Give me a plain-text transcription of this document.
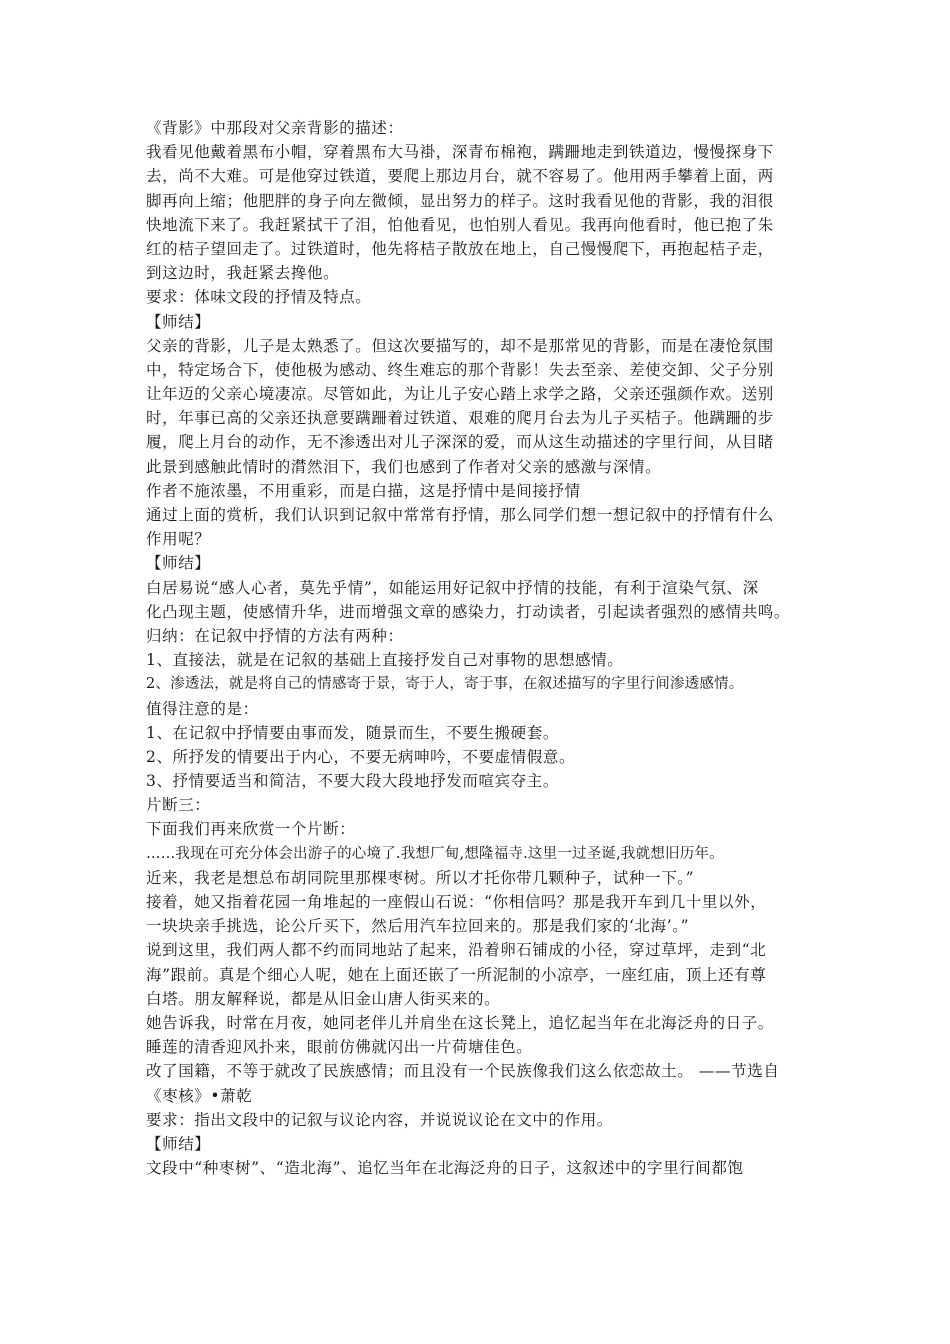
《背影》中那段对父亲背影的描述：

我看见他戴着黑布小帽，穿着黑布大马褂，深青布棉袍，蹒跚地走到铁道边，慢慢探身下

去，尚不大难。可是他穿过铁道，要爬上那边月台，就不容易了。他用两手攀着上面，两

脚再向上缩；他肥胖的身子向左微倾，显出努力的样子。这时我看见他的背影，我的泪很

快地流下来了。我赶紧拭干了泪，怕他看见，也怕别人看见。我再向他看时，他已抱了朱

红的桔子望回走了。过铁道时，他先将桔子散放在地上，自己慢慢爬下，再抱起桔子走，

到这边时，我赶紧去搀他。

要求：体味文段的抒情及特点。

【师结】

父亲的背影，儿子是太熟悉了。但这次要描写的，却不是那常见的背影，而是在凄怆氛围

中，特定场合下，使他极为感动、终生难忘的那个背影！失去至亲、差使交卸、父子分别

让年迈的父亲心境凄凉。尽管如此，为让儿子安心踏上求学之路，父亲还强颜作欢。送别

时，年事已高的父亲还执意要蹒跚着过铁道、艰难的爬月台去为儿子买桔子。他蹒跚的步

履，爬上月台的动作，无不渗透出对儿子深深的爱，而从这生动描述的字里行间，从目睹

此景到感触此情时的潸然泪下，我们也感到了作者对父亲的感激与深情。

作者不施浓墨，不用重彩，而是白描，这是抒情中是间接抒情

通过上面的赏析，我们认识到记叙中常常有抒情，那么同学们想一想记叙中的抒情有什么

作用呢？

【师结】

白居易说“感人心者，莫先乎情”，如能运用好记叙中抒情的技能，有利于渲染气氛、深

化凸现主题，使感情升华，进而增强文章的感染力，打动读者，引起读者强烈的感情共鸣。

归纳：在记叙中抒情的方法有两种：

1、直接法，就是在记叙的基础上直接抒发自己对事物的思想感情。

2、渗透法，就是将自己的情感寄于景，寄于人，寄于事，在叙述描写的字里行间渗透感情。

值得注意的是：

1、在记叙中抒情要由事而发，随景而生，不要生搬硬套。

2、所抒发的情要出于内心，不要无病呻吟，不要虚情假意。

3、抒情要适当和简洁，不要大段大段地抒发而喧宾夺主。

片断三：

下面我们再来欣赏一个片断：

……我现在可充分体会出游子的心境了.我想厂甸,想隆福寺.这里一过圣诞,我就想旧历年。

近来，我老是想总布胡同院里那棵枣树。所以才托你带几颗种子，试种一下。”

接着，她又指着花园一角堆起的一座假山石说：“你相信吗？那是我开车到几十里以外，

一块块亲手挑选，论公斤买下，然后用汽车拉回来的。那是我们家的‘北海’。”

说到这里，我们两人都不约而同地站了起来，沿着卵石铺成的小径，穿过草坪，走到“北

海”跟前。真是个细心人呢，她在上面还嵌了一所泥制的小凉亭，一座红庙，顶上还有尊

白塔。朋友解释说，都是从旧金山唐人街买来的。

她告诉我，时常在月夜，她同老伴儿并肩坐在这长凳上，追忆起当年在北海泛舟的日子。

睡莲的清香迎风扑来，眼前仿佛就闪出一片荷塘佳色。

改了国籍，不等于就改了民族感情；而且没有一个民族像我们这么依恋故土。 ——节选自

《枣核》•萧乾

要求：指出文段中的记叙与议论内容，并说说议论在文中的作用。

【师结】

文段中“种枣树”、“造北海”、追忆当年在北海泛舟的日子，这叙述中的字里行间都饱
